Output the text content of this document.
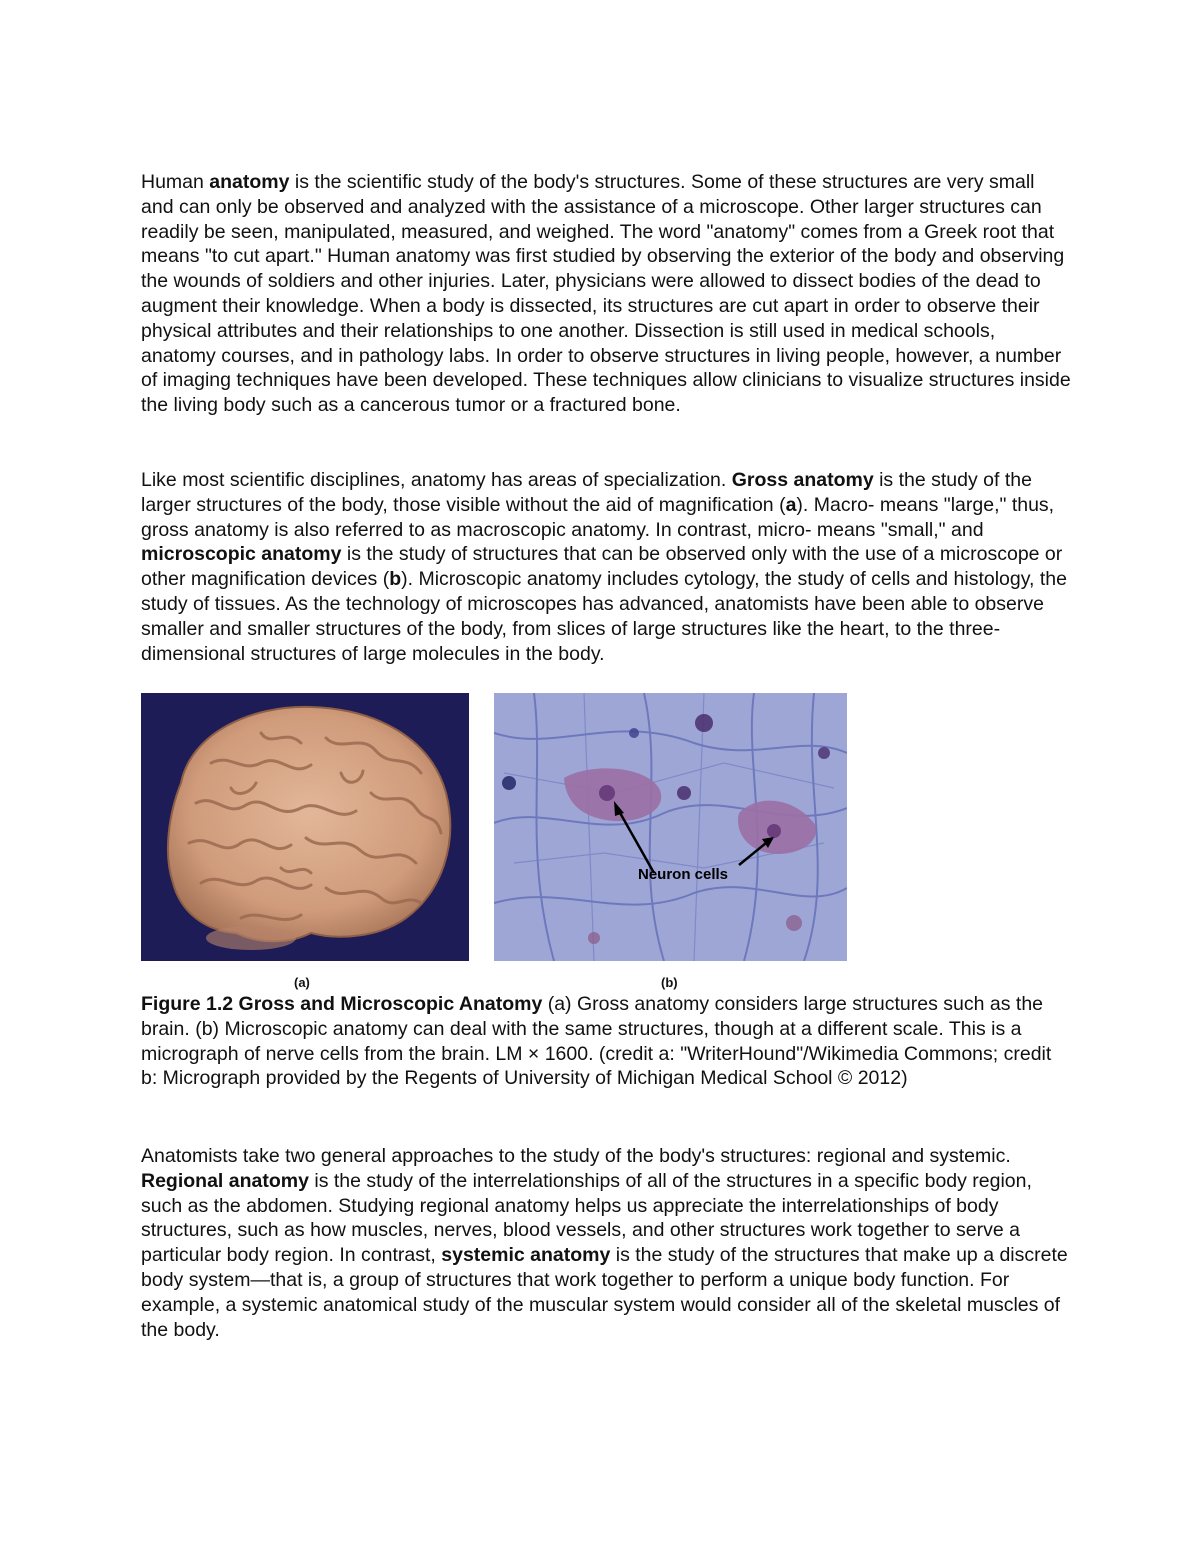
Human anatomy is the scientific study of the body's structures. Some of these structures are very small and can only be observed and analyzed with the assistance of a microscope. Other larger structures can readily be seen, manipulated, measured, and weighed. The word "anatomy" comes from a Greek root that means "to cut apart." Human anatomy was first studied by observing the exterior of the body and observing the wounds of soldiers and other injuries. Later, physicians were allowed to dissect bodies of the dead to augment their knowledge. When a body is dissected, its structures are cut apart in order to observe their physical attributes and their relationships to one another. Dissection is still used in medical schools, anatomy courses, and in pathology labs. In order to observe structures in living people, however, a number of imaging techniques have been developed. These techniques allow clinicians to visualize structures inside the living body such as a cancerous tumor or a fractured bone.

Like most scientific disciplines, anatomy has areas of specialization. Gross anatomy is the study of the larger structures of the body, those visible without the aid of magnification (a). Macro- means "large," thus, gross anatomy is also referred to as macroscopic anatomy. In contrast, micro- means "small," and microscopic anatomy is the study of structures that can be observed only with the use of a microscope or other magnification devices (b). Microscopic anatomy includes cytology, the study of cells and histology, the study of tissues. As the technology of microscopes has advanced, anatomists have been able to observe smaller and smaller structures of the body, from slices of large structures like the heart, to the three-dimensional structures of large molecules in the body.

Neuron cells
(a)	(b)

Figure 1.2 Gross and Microscopic Anatomy (a) Gross anatomy considers large structures such as the brain. (b) Microscopic anatomy can deal with the same structures, though at a different scale. This is a micrograph of nerve cells from the brain. LM × 1600. (credit a: "WriterHound"/Wikimedia Commons; credit b: Micrograph provided by the Regents of University of Michigan Medical School © 2012)

Anatomists take two general approaches to the study of the body's structures: regional and systemic. Regional anatomy is the study of the interrelationships of all of the structures in a specific body region, such as the abdomen. Studying regional anatomy helps us appreciate the interrelationships of body structures, such as how muscles, nerves, blood vessels, and other structures work together to serve a particular body region. In contrast, systemic anatomy is the study of the structures that make up a discrete body system—that is, a group of structures that work together to perform a unique body function. For example, a systemic anatomical study of the muscular system would consider all of the skeletal muscles of the body.
